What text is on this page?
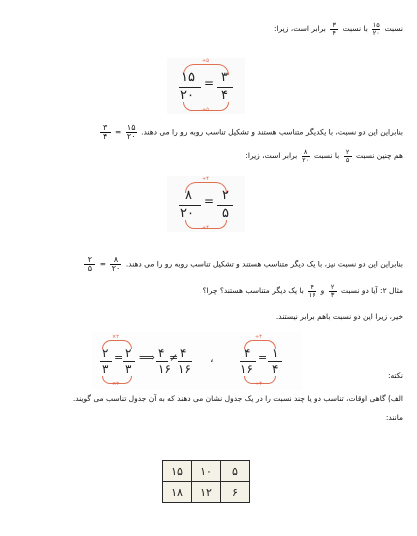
نسبت
$\frac{۱۵}{۲۰}$
با نسبت
$\frac{۳}{۴}$
برابر است، زیرا:
÷۵
۱۵ = ۳
۲۰ ۴
÷۵
بنابراین این دو نسبت، با یکدیگر متناسب هستند و تشکیل تناسب روبه رو را می دهند.
۱۵
۲۰
=
۳
۴
هم چنین نسبت
$\frac{۲}{۵}$
با نسبت
$\frac{۸}{۲۰}$
برابر است، زیرا:
÷۴
۸ = ۲
۲۰ ۵
÷۴
بنابراین این دو نسبت نیز، با یک دیگر متناسب هستند و تشکیل تناسب روبه رو را می دهند.
۸
۲۰
=
۲
۵
مثال ۲: آیا دو نسبت
$\frac{۲}{۳}$
و
$\frac{۴}{۱۶}$
با یک دیگر متناسب هستند؟ چرا؟
خیر، زیرا این دو نسبت باهم برابر نیستند.
×۲
۲ = ۲
۳ ۳
⟹ ۴ ≠ ۴
۱۶ ۱۶
×۲
،
÷۴
۴ = ۱
۱۶ ۴
÷۴
نکته:
الف) گاهی اوقات، تناسب دو یا چند نسبت را در یک جدول نشان می دهند که به آن جدول تناسب می گویند.
مانند:
۱۵	۱۰	۵
۱۸	۱۲	۶
